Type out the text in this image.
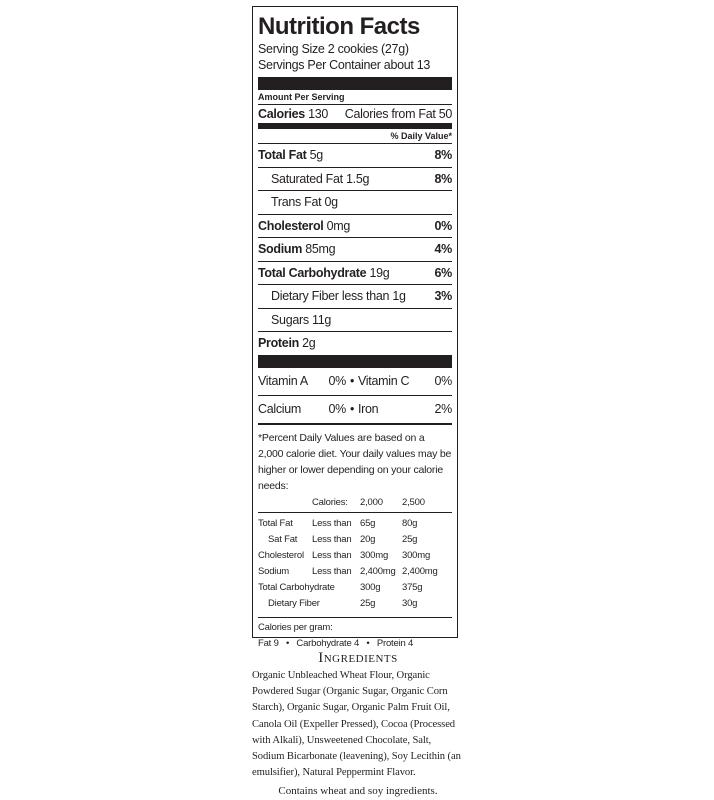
Nutrition Facts
Serving Size 2 cookies (27g)
Servings Per Container about 13
Amount Per Serving
Calories 130 Calories from Fat 50
% Daily Value*
Total Fat 5g	8%
Saturated Fat 1.5g	8%
Trans Fat 0g
Cholesterol 0mg	0%
Sodium 85mg	4%
Total Carbohydrate 19g	6%
Dietary Fiber less than 1g 3%
Sugars 11g
Protein 2g
Vitamin A 0% • Vitamin C 0%
Calcium 0% • Iron	2%
*Percent Daily Values are based on a 2,000 calorie diet. Your daily values may be higher or lower depending on your calorie needs:
Calories:	2,000	2,500
Total Fat	Less than 65g	80g
Sat Fat	Less than 20g	25g
Cholesterol Less than 300mg	300mg
Sodium	Less than 2,400mg 2,400mg
Total Carbohydrate	300g	375g
Dietary Fiber	25g	30g
Calories per gram:
Fat 9   •   Carbohydrate 4   •   Protein 4
Ingredients
Organic Unbleached Wheat Flour, Organic Powdered Sugar (Organic Sugar, Organic Corn Starch), Organic Sugar, Organic Palm Fruit Oil, Canola Oil (Expeller Pressed), Cocoa (Processed with Alkali), Unsweetened Chocolate, Salt, Sodium Bicarbonate (leavening), Soy Lecithin (an emulsifier), Natural Peppermint Flavor.
Contains wheat and soy ingredients.
